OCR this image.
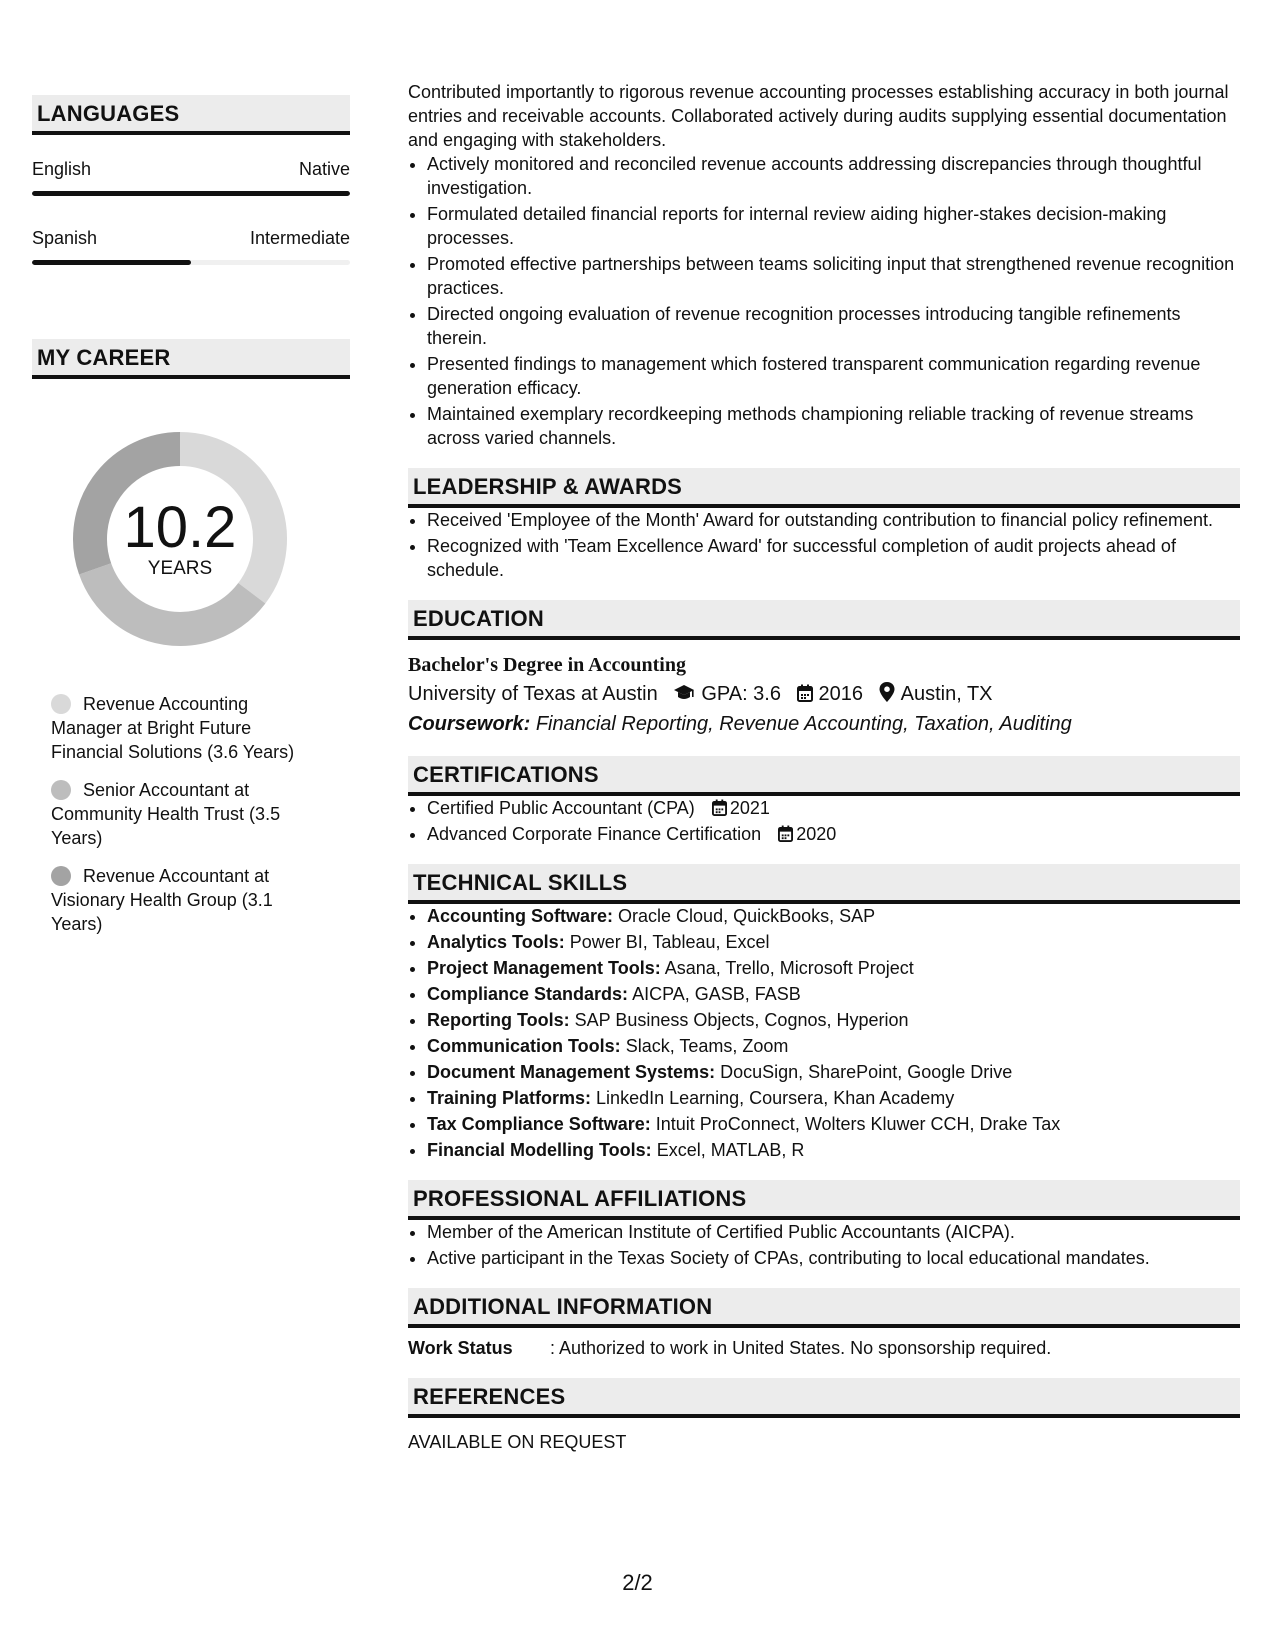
LANGUAGES
English	Native
Spanish	Intermediate
MY CAREER
10.2
YEARS
Revenue Accounting Manager at Bright Future Financial Solutions (3.6 Years)
Senior Accountant at Community Health Trust (3.5 Years)
Revenue Accountant at Visionary Health Group (3.1 Years)
Contributed importantly to rigorous revenue accounting processes establishing accuracy in both journal entries and receivable accounts. Collaborated actively during audits supplying essential documentation and engaging with stakeholders.
• Actively monitored and reconciled revenue accounts addressing discrepancies through thoughtful investigation.
• Formulated detailed financial reports for internal review aiding higher-stakes decision-making processes.
• Promoted effective partnerships between teams soliciting input that strengthened revenue recognition practices.
• Directed ongoing evaluation of revenue recognition processes introducing tangible refinements therein.
• Presented findings to management which fostered transparent communication regarding revenue generation efficacy.
• Maintained exemplary recordkeeping methods championing reliable tracking of revenue streams across varied channels.
LEADERSHIP & AWARDS
• Received 'Employee of the Month' Award for outstanding contribution to financial policy refinement.
• Recognized with 'Team Excellence Award' for successful completion of audit projects ahead of schedule.
EDUCATION
Bachelor's Degree in Accounting
University of Texas at Austin GPA: 3.6 2016 Austin, TX
Coursework: Financial Reporting, Revenue Accounting, Taxation, Auditing
CERTIFICATIONS
• Certified Public Accountant (CPA) 2021
• Advanced Corporate Finance Certification 2020
TECHNICAL SKILLS
• Accounting Software: Oracle Cloud, QuickBooks, SAP
• Analytics Tools: Power BI, Tableau, Excel
• Project Management Tools: Asana, Trello, Microsoft Project
• Compliance Standards: AICPA, GASB, FASB
• Reporting Tools: SAP Business Objects, Cognos, Hyperion
• Communication Tools: Slack, Teams, Zoom
• Document Management Systems: DocuSign, SharePoint, Google Drive
• Training Platforms: LinkedIn Learning, Coursera, Khan Academy
• Tax Compliance Software: Intuit ProConnect, Wolters Kluwer CCH, Drake Tax
• Financial Modelling Tools: Excel, MATLAB, R
PROFESSIONAL AFFILIATIONS
• Member of the American Institute of Certified Public Accountants (AICPA).
• Active participant in the Texas Society of CPAs, contributing to local educational mandates.
ADDITIONAL INFORMATION
Work Status	: Authorized to work in United States. No sponsorship required.
REFERENCES
AVAILABLE ON REQUEST
2/2
